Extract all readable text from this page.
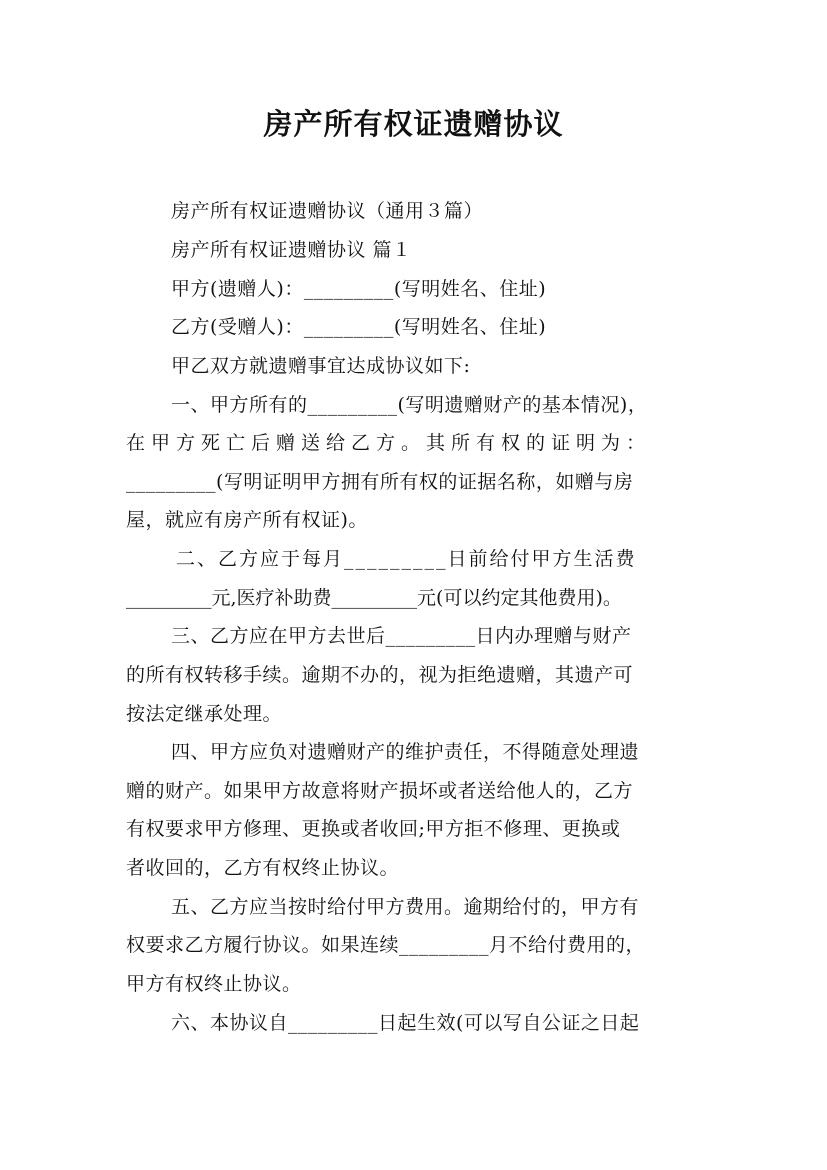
房产所有权证遗赠协议
房产所有权证遗赠协议（通用３篇）
房产所有权证遗赠协议 篇１
甲方(遗赠人)：_________(写明姓名、住址)
乙方(受赠人)：_________(写明姓名、住址)
甲乙双方就遗赠事宜达成协议如下:
一、甲方所有的_________(写明遗赠财产的基本情况)，
在甲方死亡后赠送给乙方。其所有权的证明为：
_________(写明证明甲方拥有所有权的证据名称，如赠与房
屋，就应有房产所有权证)。
二、乙方应于每月_________日前给付甲方生活费
_________元,医疗补助费_________元(可以约定其他费用)。
三、乙方应在甲方去世后_________日内办理赠与财产
的所有权转移手续。逾期不办的，视为拒绝遗赠，其遗产可
按法定继承处理。
四、甲方应负对遗赠财产的维护责任，不得随意处理遗
赠的财产。如果甲方故意将财产损坏或者送给他人的，乙方
有权要求甲方修理、更换或者收回;甲方拒不修理、更换或
者收回的，乙方有权终止协议。
五、乙方应当按时给付甲方费用。逾期给付的，甲方有
权要求乙方履行协议。如果连续_________月不给付费用的，
甲方有权终止协议。
六、本协议自_________日起生效(可以写自公证之日起
